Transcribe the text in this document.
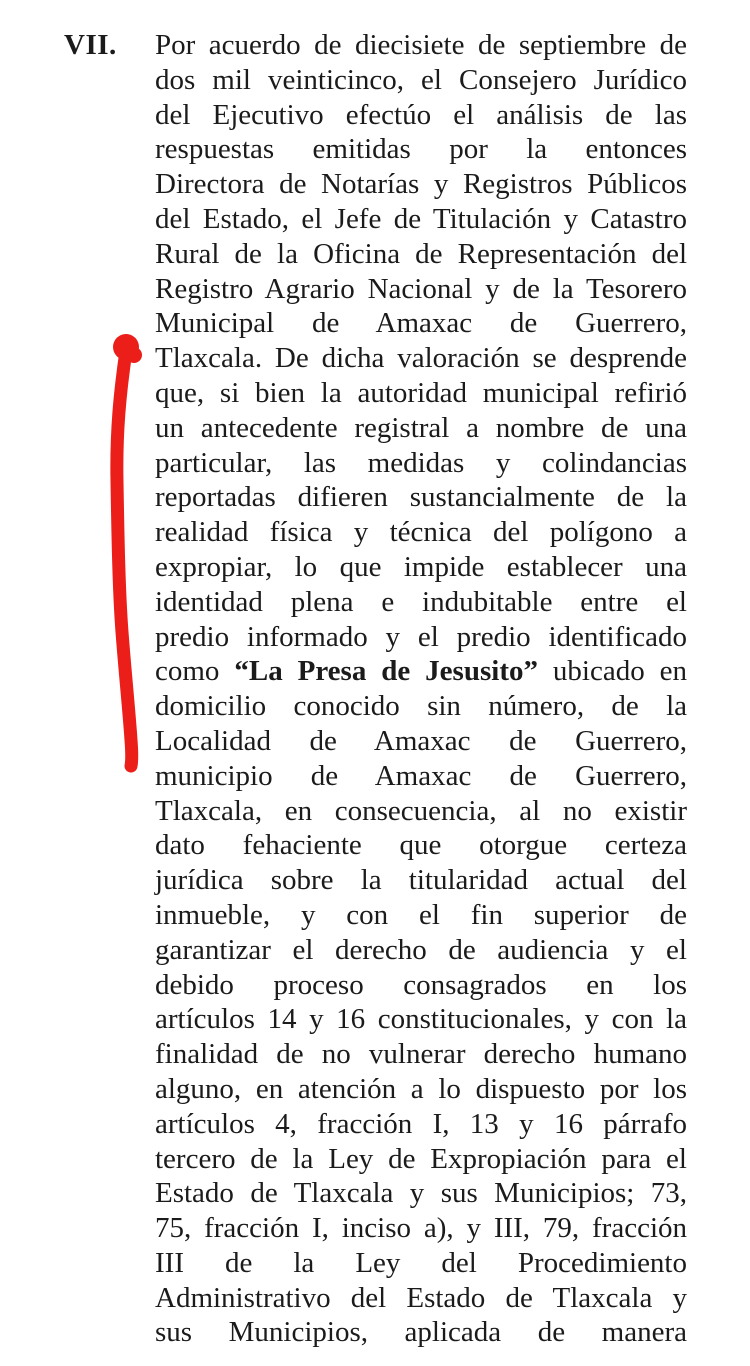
VII. Por acuerdo de diecisiete de septiembre de
dos mil veinticinco, el Consejero Jurídico
del Ejecutivo efectúo el análisis de las
respuestas emitidas por la entonces
Directora de Notarías y Registros Públicos
del Estado, el Jefe de Titulación y Catastro
Rural de la Oficina de Representación del
Registro Agrario Nacional y de la Tesorero
Municipal de Amaxac de Guerrero,
Tlaxcala. De dicha valoración se desprende
que, si bien la autoridad municipal refirió
un antecedente registral a nombre de una
particular, las medidas y colindancias
reportadas difieren sustancialmente de la
realidad física y técnica del polígono a
expropiar, lo que impide establecer una
identidad plena e indubitable entre el
predio informado y el predio identificado
como “La Presa de Jesusito” ubicado en
domicilio conocido sin número, de la
Localidad de Amaxac de Guerrero,
municipio de Amaxac de Guerrero,
Tlaxcala, en consecuencia, al no existir
dato fehaciente que otorgue certeza
jurídica sobre la titularidad actual del
inmueble, y con el fin superior de
garantizar el derecho de audiencia y el
debido proceso consagrados en los
artículos 14 y 16 constitucionales, y con la
finalidad de no vulnerar derecho humano
alguno, en atención a lo dispuesto por los
artículos 4, fracción I, 13 y 16 párrafo
tercero de la Ley de Expropiación para el
Estado de Tlaxcala y sus Municipios; 73,
75, fracción I, inciso a), y III, 79, fracción
III de la Ley del Procedimiento
Administrativo del Estado de Tlaxcala y
sus Municipios, aplicada de manera
